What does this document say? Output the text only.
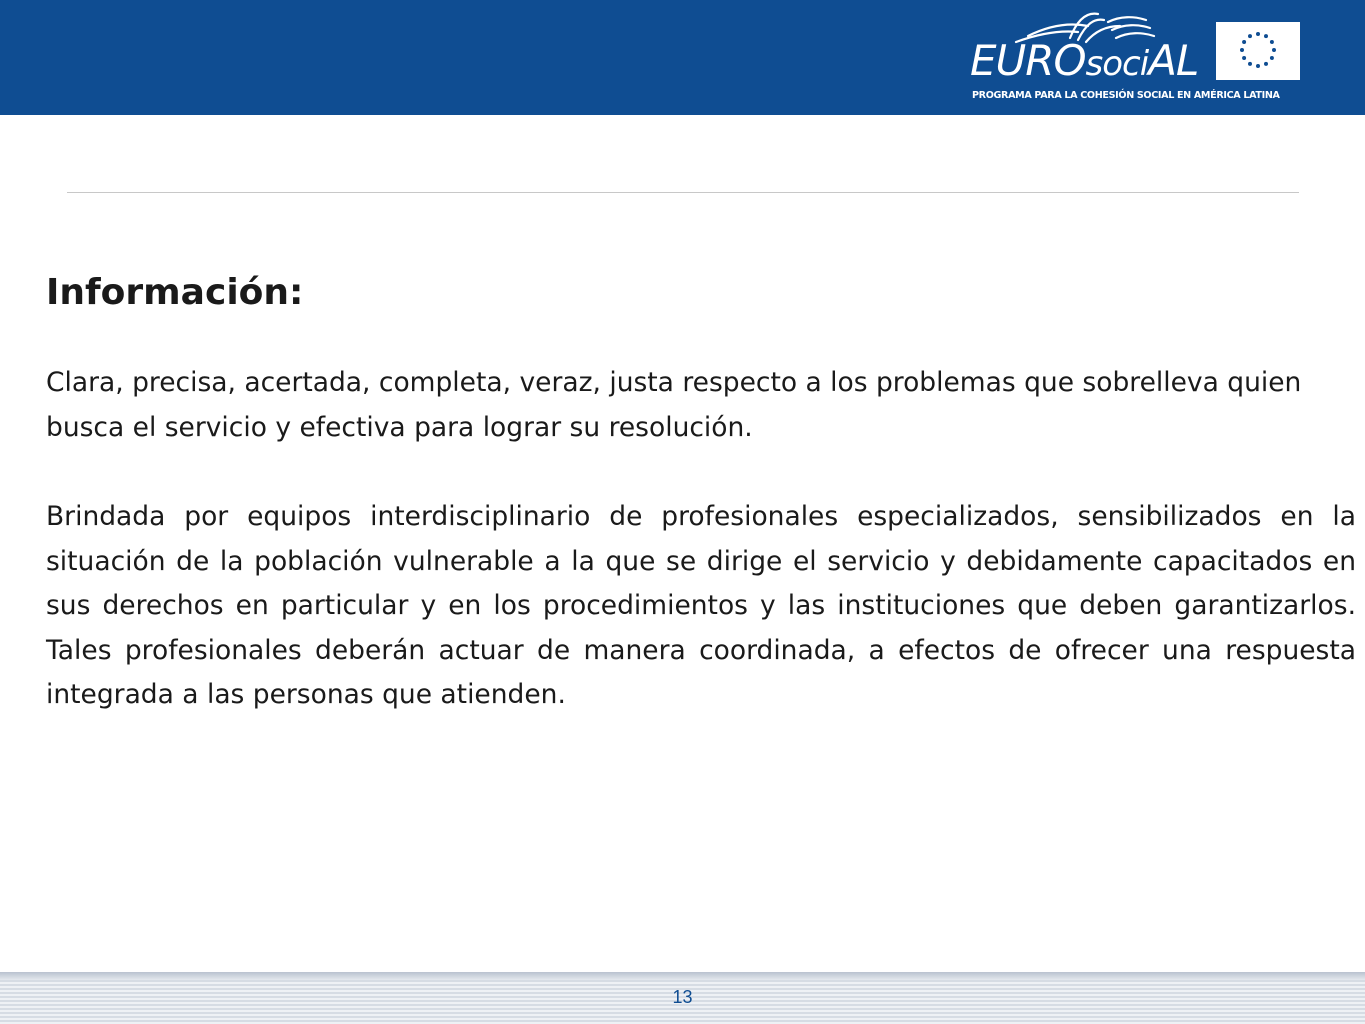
EUROsociAL
PROGRAMA PARA LA COHESIÓN SOCIAL EN AMÉRICA LATINA
Información:

Clara, precisa, acertada, completa, veraz, justa respecto a los problemas que sobrelleva quien busca el servicio y efectiva para lograr su resolución.

Brindada por equipos interdisciplinario de profesionales especializados, sensibilizados en la situación de la población vulnerable a la que se dirige el servicio y debidamente capacitados en sus derechos en particular y en los procedimientos y las instituciones que deben garantizarlos. Tales profesionales deberán actuar de manera coordinada, a efectos de ofrecer una respuesta integrada a las personas que atienden.

13
